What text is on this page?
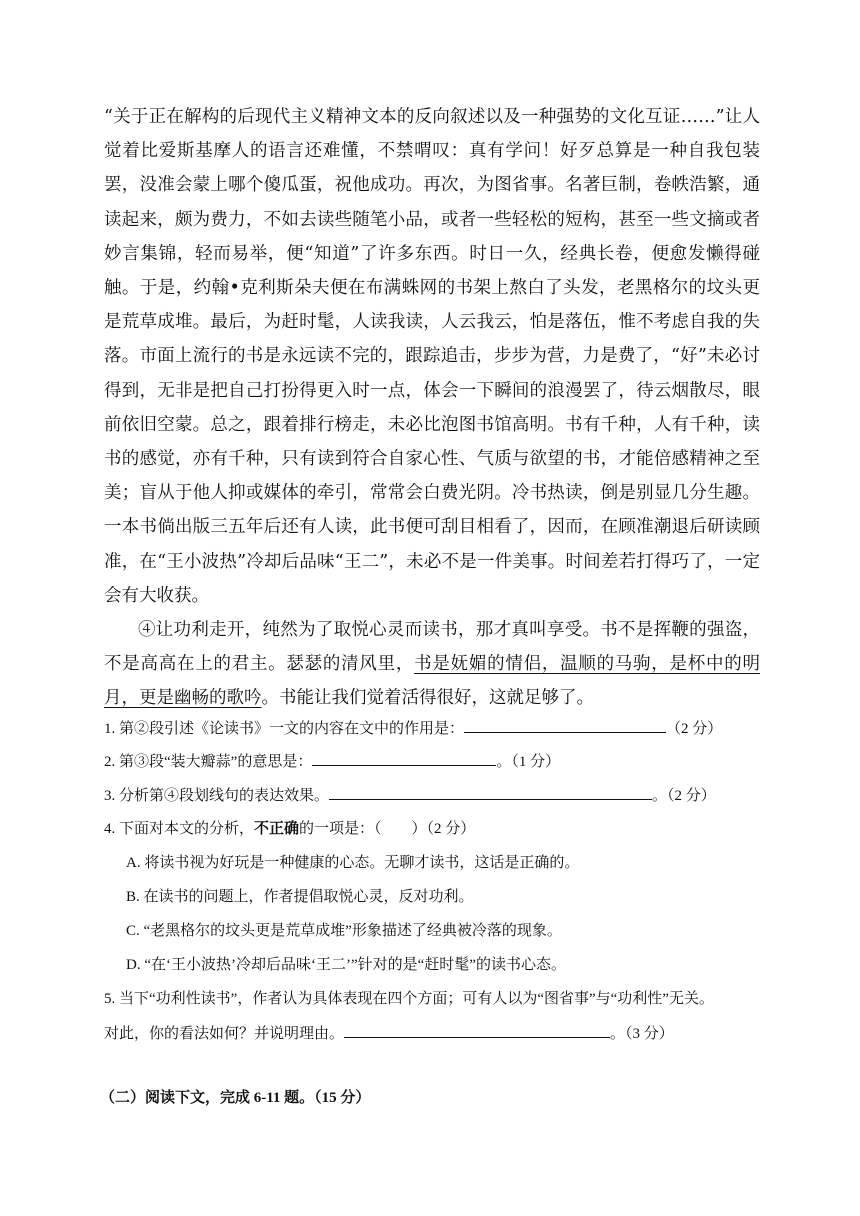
“关于正在解构的后现代主义精神文本的反向叙述以及一种强势的文化互证……”让人觉着比爱斯基摩人的语言还难懂，不禁喟叹：真有学问！好歹总算是一种自我包装罢，没准会蒙上哪个傻瓜蛋，祝他成功。再次，为图省事。名著巨制，卷帙浩繁，通读起来，颇为费力，不如去读些随笔小品，或者一些轻松的短构，甚至一些文摘或者妙言集锦，轻而易举，便“知道”了许多东西。时日一久，经典长卷，便愈发懒得碰触。于是，约翰•克利斯朵夫便在布满蛛网的书架上熬白了头发，老黑格尔的坟头更是荒草成堆。最后，为赶时髦，人读我读，人云我云，怕是落伍，惟不考虑自我的失落。市面上流行的书是永远读不完的，跟踪追击，步步为营，力是费了，“好”未必讨得到，无非是把自己打扮得更入时一点，体会一下瞬间的浪漫罢了，待云烟散尽，眼前依旧空蒙。总之，跟着排行榜走，未必比泡图书馆高明。书有千种，人有千种，读书的感觉，亦有千种，只有读到符合自家心性、气质与欲望的书，才能倍感精神之至美；盲从于他人抑或媒体的牵引，常常会白费光阴。冷书热读，倒是别显几分生趣。一本书倘出版三五年后还有人读，此书便可刮目相看了，因而，在顾准潮退后研读顾准，在“王小波热”冷却后品味“王二”，未必不是一件美事。时间差若打得巧了，一定会有大收获。

④让功利走开，纯然为了取悦心灵而读书，那才真叫享受。书不是挥鞭的强盗，不是高高在上的君主。瑟瑟的清风里，书是妩媚的情侣，温顺的马驹，是杯中的明月，更是幽畅的歌吟。书能让我们觉着活得很好，这就足够了。

1. 第②段引述《论读书》一文的内容在文中的作用是：	（2 分）
2. 第③段“装大瓣蒜”的意思是：	。（1 分）
3. 分析第④段划线句的表达效果。	。（2 分）
4. 下面对本文的分析，不正确的一项是：（　　）（2 分）
A. 将读书视为好玩是一种健康的心态。无聊才读书，这话是正确的。
B. 在读书的问题上，作者提倡取悦心灵，反对功利。
C. “老黑格尔的坟头更是荒草成堆”形象描述了经典被冷落的现象。
D. “在‘王小波热’冷却后品味‘王二’”针对的是“赶时髦”的读书心态。
5. 当下“功利性读书”，作者认为具体表现在四个方面；可有人以为“图省事”与“功利性”无关。
对此，你的看法如何？并说明理由。	。（3 分）
（二）阅读下文，完成 6-11 题。（15 分）
